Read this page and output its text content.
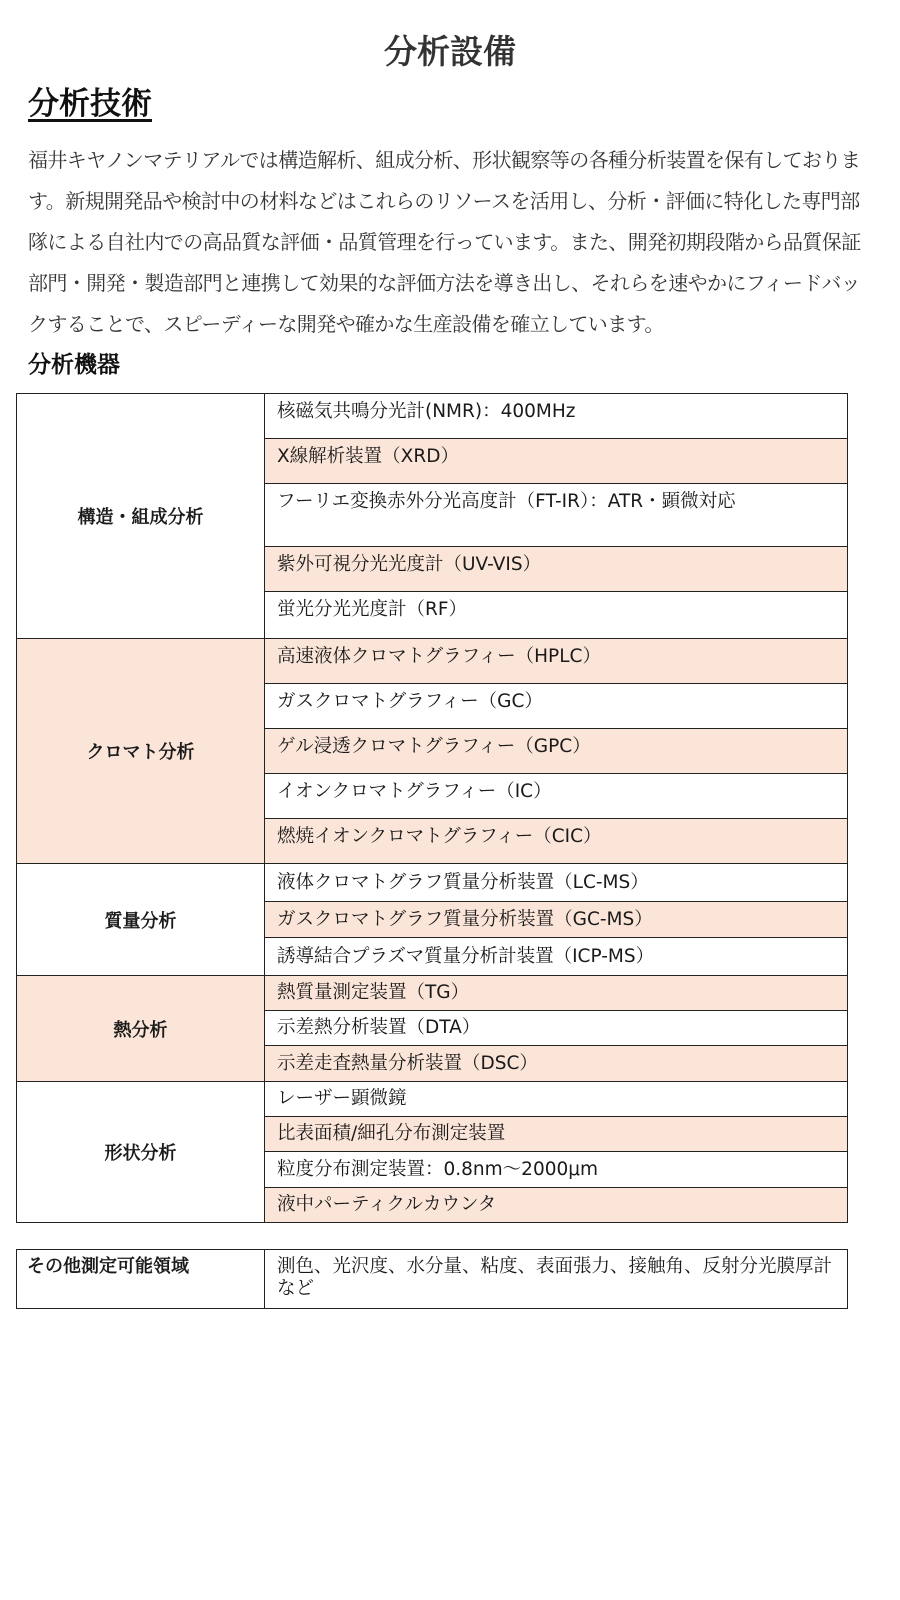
分析設備
分析技術

福井キヤノンマテリアルでは構造解析、組成分析、形状観察等の各種分析装置を保有しております。新規開発品や検討中の材料などはこれらのリソースを活用し、分析・評価に特化した専門部隊による自社内での高品質な評価・品質管理を行っています。また、開発初期段階から品質保証部門・開発・製造部門と連携して効果的な評価方法を導き出し、それらを速やかにフィードバックすることで、スピーディーな開発や確かな生産設備を確立しています。

分析機器
構造・組成分析	核磁気共鳴分光計(NMR)：400MHz
	X線解析装置（XRD）
	フーリエ変換赤外分光高度計（FT-IR）：ATR・顕微対応
	紫外可視分光光度計（UV-VIS）
	蛍光分光光度計（RF）
クロマト分析	高速液体クロマトグラフィー（HPLC）
	ガスクロマトグラフィー（GC）
	ゲル浸透クロマトグラフィー（GPC）
	イオンクロマトグラフィー（IC）
	燃焼イオンクロマトグラフィー（CIC）
質量分析	液体クロマトグラフ質量分析装置（LC-MS）
	ガスクロマトグラフ質量分析装置（GC-MS）
	誘導結合プラズマ質量分析計装置（ICP-MS）
熱分析	熱質量測定装置（TG）
	示差熱分析装置（DTA）
	示差走査熱量分析装置（DSC）
形状分析	レーザー顕微鏡
	比表面積/細孔分布測定装置
	粒度分布測定装置：0.8nm～2000μm
	液中パーティクルカウンタ
その他測定可能領域	測色、光沢度、水分量、粘度、表面張力、接触角、反射分光膜厚計など
